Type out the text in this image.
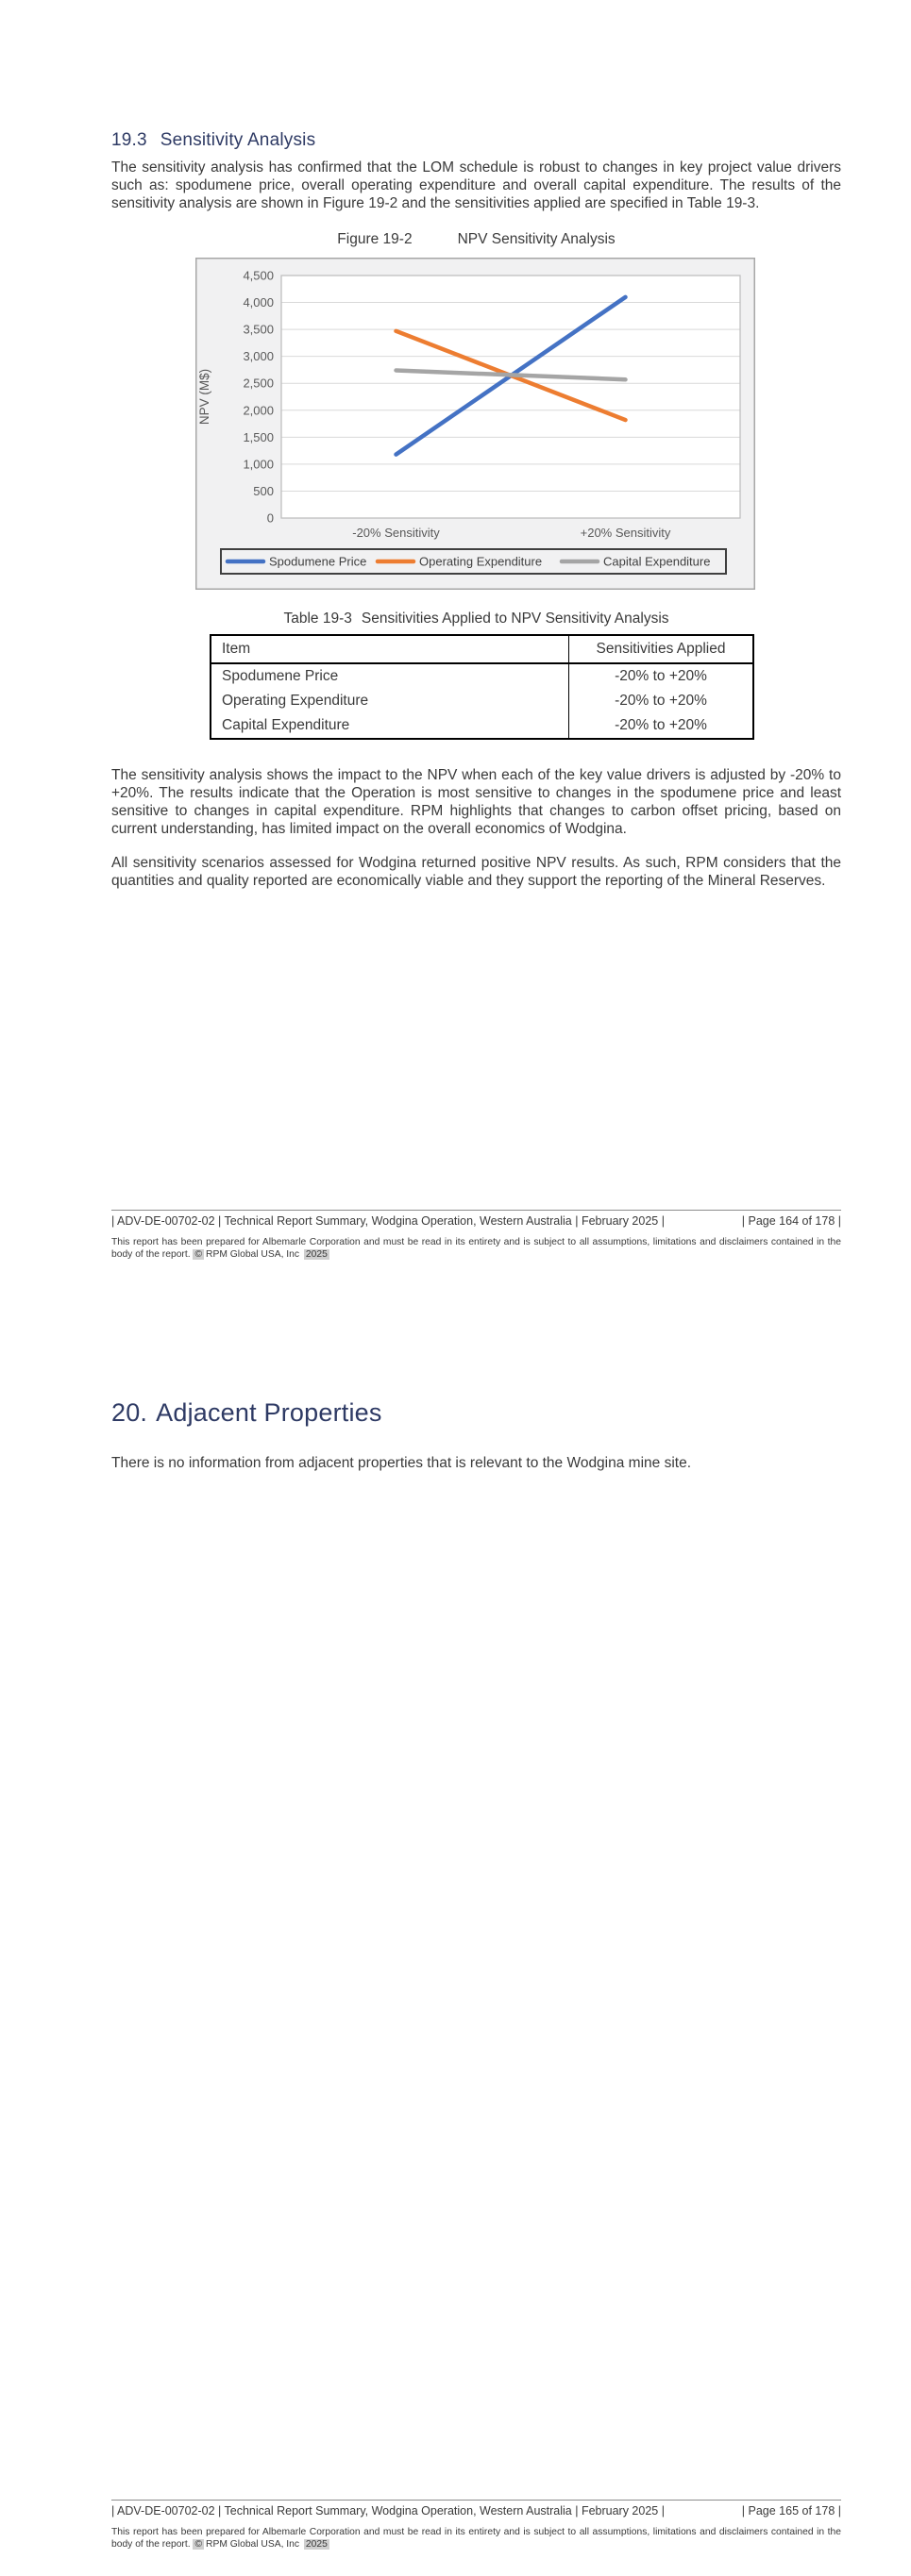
19.3 Sensitivity Analysis
The sensitivity analysis has confirmed that the LOM schedule is robust to changes in key project value drivers such as: spodumene price, overall operating expenditure and overall capital expenditure. The results of the sensitivity analysis are shown in Figure 19-2 and the sensitivities applied are specified in Table 19-3.
Figure 19-2	NPV Sensitivity Analysis
0
500
1,000
1,500
2,000
2,500
3,000
3,500
4,000
4,500
NPV (M$)
-20% Sensitivity	+20% Sensitivity
Spodumene Price	Operating Expenditure	Capital Expenditure
Table 19-3 Sensitivities Applied to NPV Sensitivity Analysis
Item	Sensitivities Applied
Spodumene Price	-20% to +20%
Operating Expenditure	-20% to +20%
Capital Expenditure	-20% to +20%
The sensitivity analysis shows the impact to the NPV when each of the key value drivers is adjusted by -20% to +20%. The results indicate that the Operation is most sensitive to changes in the spodumene price and least sensitive to changes in capital expenditure. RPM highlights that changes to carbon offset pricing, based on current understanding, has limited impact on the overall economics of Wodgina.
All sensitivity scenarios assessed for Wodgina returned positive NPV results. As such, RPM considers that the quantities and quality reported are economically viable and they support the reporting of the Mineral Reserves.
| ADV-DE-00702-02 | Technical Report Summary, Wodgina Operation, Western Australia | February 2025 |	| Page 164 of 178 |
This report has been prepared for Albemarle Corporation and must be read in its entirety and is subject to all assumptions, limitations and disclaimers contained in the body of the report. © RPM Global USA, Inc 2025
20. Adjacent Properties
There is no information from adjacent properties that is relevant to the Wodgina mine site.
| ADV-DE-00702-02 | Technical Report Summary, Wodgina Operation, Western Australia | February 2025 |	| Page 165 of 178 |
This report has been prepared for Albemarle Corporation and must be read in its entirety and is subject to all assumptions, limitations and disclaimers contained in the body of the report. © RPM Global USA, Inc 2025
